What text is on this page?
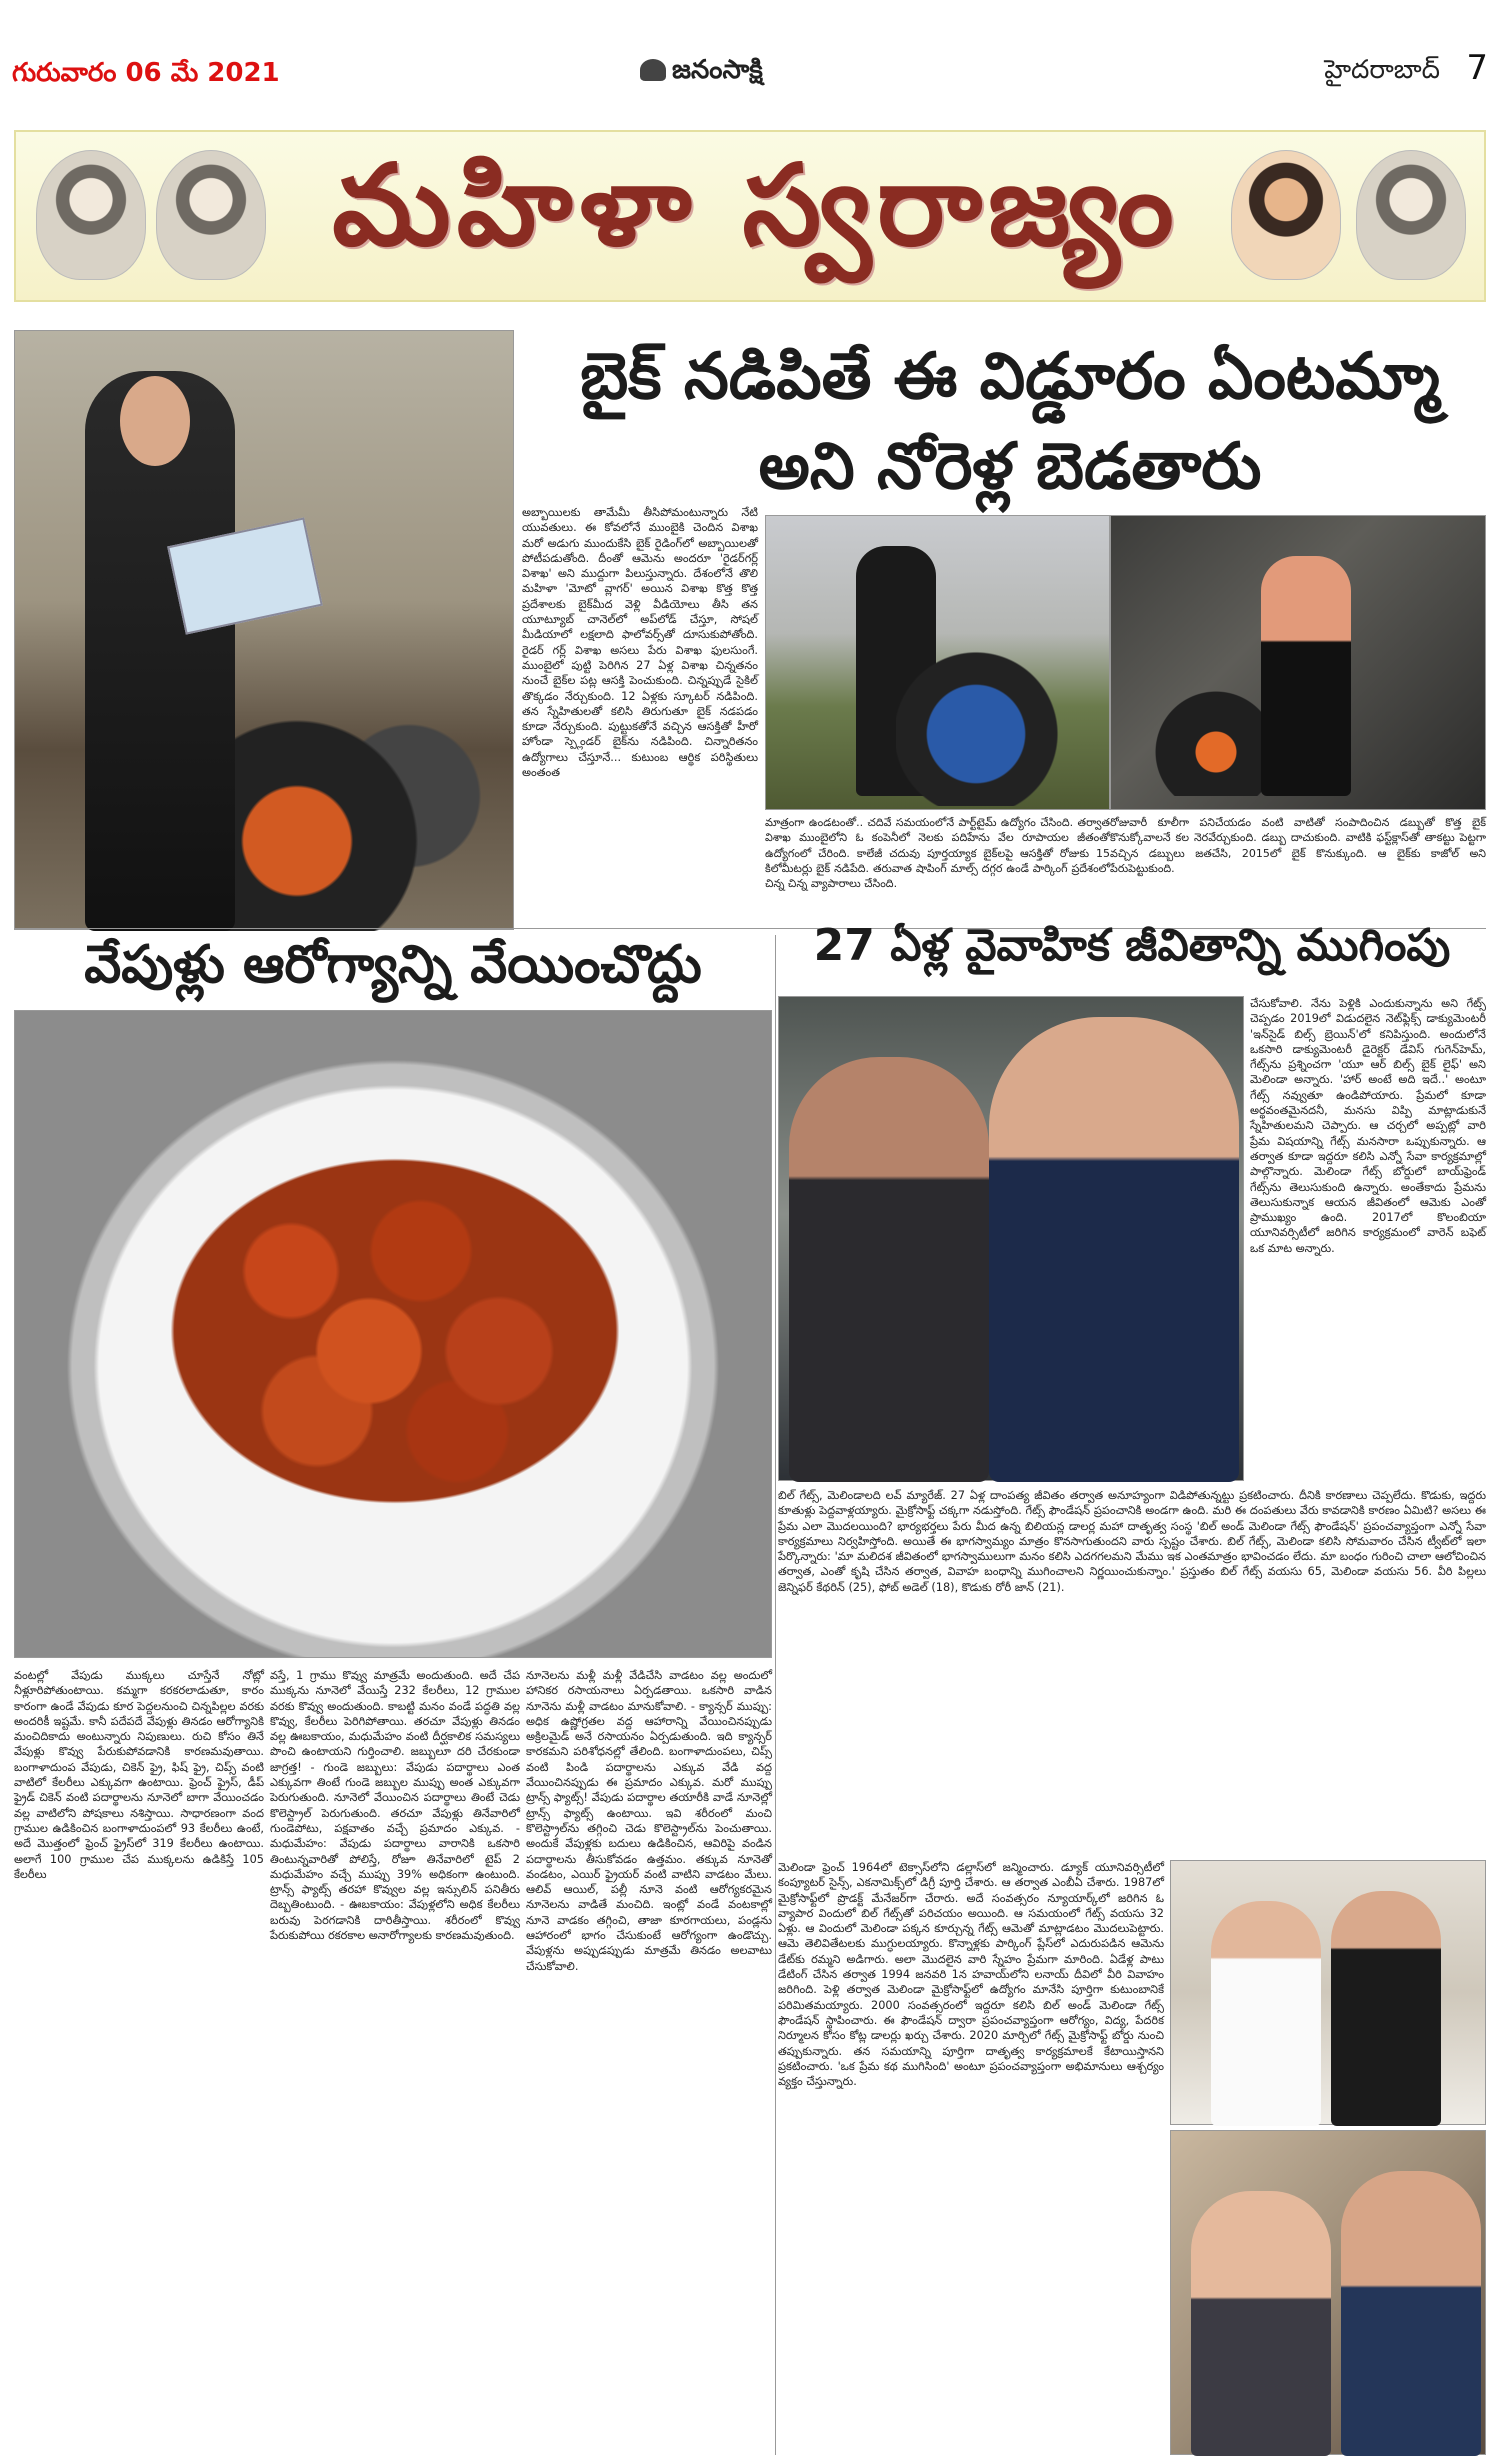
గురువారం 06 మే 2021	జనంసాక్షి	హైదరాబాద్ 7
మహిళా స్వరాజ్యం
బైక్ నడిపితే ఈ విడ్డూరం ఏంటమ్మా
అని నోరెళ్ల బెడతారు
అబ్బాయిలకు తామేమీ తీసిపోమంటున్నారు నేటి యువతులు. ఈ కోవలోనే ముంబైకి చెందిన విశాఖ మరో అడుగు ముందుకేసి బైక్ రైడింగ్‌లో అబ్బాయిలతో పోటీపడుతోంది. దీంతో ఆమెను అందరూ 'రైడర్‌గర్ల్ విశాఖ' అని ముద్దుగా పిలుస్తున్నారు. దేశంలోనే తొలి మహిళా 'మోటో వ్లాగర్' అయిన విశాఖ కొత్త కొత్త ప్రదేశాలకు బైక్‌మీద వెళ్లి వీడియోలు తీసి తన యూట్యూబ్ చానెల్‌లో అప్‌లోడ్ చేస్తూ, సోషల్ మీడియాలో లక్షలాది ఫాలోవర్స్‌తో దూసుకుపోతోంది. రైడర్ గర్ల్ విశాఖ అసలు పేరు విశాఖ ఫులసుంగే. ముంబైలో పుట్టి పెరిగిన 27 ఏళ్ల విశాఖ చిన్నతనం నుంచే బైక్‌ల పట్ల ఆసక్తి పెంచుకుంది. చిన్నప్పుడే సైకిల్ తొక్కడం నేర్చుకుంది. 12 ఏళ్లకు స్కూటర్ నడిపింది. తన స్నేహితులతో కలిసి తిరుగుతూ బైక్ నడపడం కూడా నేర్చుకుంది. పుట్టుకతోనే వచ్చిన ఆసక్తితో హీరో హోండా స్ప్లెండర్ బైక్‌ను నడిపింది. చిన్నారితనం ఉద్యోగాలు చేస్తూనే... కుటుంబ ఆర్థిక పరిస్థితులు అంతంత
మాత్రంగా ఉండటంతో.. చదివే సమయంలోనే పార్ట్‌టైమ్ ఉద్యోగం చేసింది. తర్వాత విశాఖ ముంబైలోని ఓ కంపెనీలో నెలకు పదిహేను వేల రూపాయల జీతంతో ఉద్యోగంలో చేరింది. కాలేజీ చదువు పూర్తయ్యాక బైక్‌లపై ఆసక్తితో రోజుకు 15 కిలోమీటర్లు బైక్ నడిపేది. తరువాత షాపింగ్ మాల్స్ దగ్గర ఉండే పార్కింగ్ ప్రదేశంలో చిన్న చిన్న వ్యాపారాలు చేసింది.
రోజువారీ కూలీగా పనిచేయడం వంటి వాటితో సంపాదించిన డబ్బుతో కొత్త బైక్ కొనుక్కోవాలనే కల నెరవేర్చుకుంది. డబ్బు దాచుకుంది. వాటికి ఫస్ట్‌క్లాస్‌తో తాకట్టు పెట్టగా వచ్చిన డబ్బులు జతచేసి, 2015లో బైక్ కొనుక్కుంది. ఆ బైక్‌కు కాజోల్ అని పేరుపెట్టుకుంది.
వేపుళ్లు ఆరోగ్యాన్ని వేయించొద్దు
వంటల్లో వేపుడు ముక్కలు చూస్తేనే నోట్లో నీళ్లూరిపోతుంటాయి. కమ్మగా కరకరలాడుతూ, కారం కారంగా ఉండే వేపుడు కూర పెద్దలనుంచి చిన్నపిల్లల వరకు అందరికీ ఇష్టమే. కానీ పదేపదే వేపుళ్లు తినడం ఆరోగ్యానికి మంచిదికాదు అంటున్నారు నిపుణులు. రుచి కోసం తినే వేపుళ్లు కొవ్వు పేరుకుపోవడానికి కారణమవుతాయి. బంగాళాదుంప వేపుడు, చికెన్ ఫ్రై, ఫిష్ ఫ్రై, చిప్స్ వంటి వాటిలో కేలరీలు ఎక్కువగా ఉంటాయి. ఫ్రెంచ్ ఫ్రైస్, డీప్ ఫ్రైడ్ చికెన్ వంటి పదార్థాలను నూనెలో బాగా వేయించడం వల్ల వాటిలోని పోషకాలు నశిస్తాయి. సాధారణంగా వంద గ్రాముల ఉడికించిన బంగాళాదుంపలో 93 కేలరీలు ఉంటే, అదే మొత్తంలో ఫ్రెంచ్ ఫ్రైస్‌లో 319 కేలరీలు ఉంటాయి. అలాగే 100 గ్రాముల చేప ముక్కలను ఉడికిస్తే 105 కేలరీలు
వస్తే, 1 గ్రాము కొవ్వు మాత్రమే అందుతుంది. అదే చేప ముక్కను నూనెలో వేయిస్తే 232 కేలరీలు, 12 గ్రాముల వరకు కొవ్వు అందుతుంది. కాబట్టి మనం వండే పద్ధతి వల్ల కొవ్వు, కేలరీలు పెరిగిపోతాయి. తరచూ వేపుళ్లు తినడం వల్ల ఊబకాయం, మధుమేహం వంటి దీర్ఘకాలిక సమస్యలు పొంచి ఉంటాయని గుర్తించాలి. జబ్బులూ దరి చేరకుండా జాగ్రత్త! - గుండె జబ్బులు: వేపుడు పదార్థాలు ఎంత ఎక్కువగా తింటే గుండె జబ్బుల ముప్పు అంత ఎక్కువగా పెరుగుతుంది. నూనెలో వేయించిన పదార్థాలు తింటే చెడు కొలెస్ట్రాల్ పెరుగుతుంది. తరచూ వేపుళ్లు తినేవారిలో గుండెపోటు, పక్షవాతం వచ్చే ప్రమాదం ఎక్కువ. - మధుమేహం: వేపుడు పదార్థాలు వారానికి ఒకసారి తింటున్నవారితో పోలిస్తే, రోజూ తినేవారిలో టైప్ 2 మధుమేహం వచ్చే ముప్పు 39% అధికంగా ఉంటుంది. ట్రాన్స్ ఫ్యాట్స్ తరహా కొవ్వుల వల్ల ఇన్సులిన్ పనితీరు దెబ్బతింటుంది. - ఊబకాయం: వేపుళ్లలోని అధిక కేలరీలు బరువు పెరగడానికి దారితీస్తాయి. శరీరంలో కొవ్వు పేరుకుపోయి రకరకాల అనారోగ్యాలకు కారణమవుతుంది.
నూనెలను మళ్లీ మళ్లీ వేడిచేసి వాడటం వల్ల అందులో హానికర రసాయనాలు ఏర్పడతాయి. ఒకసారి వాడిన నూనెను మళ్లీ వాడటం మానుకోవాలి. - క్యాన్సర్ ముప్పు: అధిక ఉష్ణోగ్రతల వద్ద ఆహారాన్ని వేయించినప్పుడు అక్రిలమైడ్ అనే రసాయనం ఏర్పడుతుంది. ఇది క్యాన్సర్ కారకమని పరిశోధనల్లో తేలింది. బంగాళాదుంపలు, చిప్స్ వంటి పిండి పదార్థాలను ఎక్కువ వేడి వద్ద వేయించినప్పుడు ఈ ప్రమాదం ఎక్కువ. మరో ముప్పు ట్రాన్స్ ఫ్యాట్స్! వేపుడు పదార్థాల తయారీకి వాడే నూనెల్లో ట్రాన్స్ ఫ్యాట్స్ ఉంటాయి. ఇవి శరీరంలో మంచి కొలెస్ట్రాల్‌ను తగ్గించి చెడు కొలెస్ట్రాల్‌ను పెంచుతాయి. అందుకే వేపుళ్లకు బదులు ఉడికించిన, ఆవిరిపై వండిన పదార్థాలను తీసుకోవడం ఉత్తమం. తక్కువ నూనెతో వండటం, ఎయిర్ ఫ్రైయర్ వంటి వాటిని వాడటం మేలు. ఆలివ్ ఆయిల్, పల్లీ నూనె వంటి ఆరోగ్యకరమైన నూనెలను వాడితే మంచిది. ఇంట్లో వండే వంటకాల్లో నూనె వాడకం తగ్గించి, తాజా కూరగాయలు, పండ్లను ఆహారంలో భాగం చేసుకుంటే ఆరోగ్యంగా ఉండొచ్చు. వేపుళ్లను అప్పుడప్పుడు మాత్రమే తినడం అలవాటు చేసుకోవాలి.
27 ఏళ్ల వైవాహిక జీవితాన్ని ముగింపు
చేసుకోవాలి. నేను పెళ్లికి ఎందుకున్నాను అని గేట్స్ చెప్పడం 2019లో విడుదలైన నెట్‌ఫ్లిక్స్ డాక్యుమెంటరీ 'ఇన్‌సైడ్ బిల్స్ బ్రెయిన్'లో కనిపిస్తుంది. అందులోనే ఒకసారి డాక్యుమెంటరీ డైరెక్టర్ డేవిస్ గుగెన్‌హెమ్, గేట్స్‌ను ప్రశ్నించగా 'యూ ఆర్ బిల్స్ బైక్ లైఫ్' అని మెలిండా అన్నారు. 'హార్ అంటే అది ఇదే..' అంటూ గేట్స్ నవ్వుతూ ఉండిపోయారు. ప్రేమలో కూడా అర్థవంతమైనదనీ, మనసు విప్పి మాట్లాడుకునే స్నేహితులమని చెప్పారు. ఆ చర్చలో అప్పట్లో వారి ప్రేమ విషయాన్ని గేట్స్ మనసారా ఒప్పుకున్నారు. ఆ తర్వాత కూడా ఇద్దరూ కలిసి ఎన్నో సేవా కార్యక్రమాల్లో పాల్గొన్నారు. మెలిండా గేట్స్ బోర్డులో బాయ్‌ఫ్రెండ్ గేట్స్‌ను తెలుసుకుంది ఉన్నారు. అంతేకాదు ప్రేమను తెలుసుకున్నాక ఆయన జీవితంలో ఆమెకు ఎంతో ప్రాముఖ్యం ఉంది. 2017లో కొలంబియా యూనివర్సిటీలో జరిగిన కార్యక్రమంలో వారెన్ బఫెట్ ఒక మాట అన్నారు.
బిల్ గేట్స్, మెలిండాలది లవ్ మ్యారేజ్. 27 ఏళ్ల దాంపత్య జీవితం తర్వాత అనూహ్యంగా విడిపోతున్నట్టు ప్రకటించారు. దీనికి కారణాలు చెప్పలేదు. కొడుకు, ఇద్దరు కూతుళ్లు పెద్దవాళ్లయ్యారు. మైక్రోసాఫ్ట్ చక్కగా నడుస్తోంది. గేట్స్ ఫౌండేషన్ ప్రపంచానికి అండగా ఉంది. మరి ఈ దంపతులు వేరు కావడానికి కారణం ఏమిటి? అసలు ఈ ప్రేమ ఎలా మొదలయింది? భార్యభర్తలు పేరు మీద ఉన్న బిలియన్ల డాలర్ల మహా దాతృత్వ సంస్థ 'బిల్ అండ్ మెలిండా గేట్స్ ఫౌండేషన్' ప్రపంచవ్యాప్తంగా ఎన్నో సేవా కార్యక్రమాలు నిర్వహిస్తోంది. అయితే ఈ భాగస్వామ్యం మాత్రం కొనసాగుతుందని వారు స్పష్టం చేశారు. బిల్ గేట్స్, మెలిండా కలిసి సోమవారం చేసిన ట్వీట్‌లో ఇలా పేర్కొన్నారు: 'మా మలిదశ జీవితంలో భాగస్వాములుగా మనం కలిసి ఎదగగలమని మేము ఇక ఎంతమాత్రం భావించడం లేదు. మా బంధం గురించి చాలా ఆలోచించిన తర్వాత, ఎంతో కృషి చేసిన తర్వాత, వివాహ బంధాన్ని ముగించాలని నిర్ణయించుకున్నాం.' ప్రస్తుతం బిల్ గేట్స్ వయసు 65, మెలిండా వయసు 56. వీరి పిల్లలు జెన్నిఫర్ కేథరిన్ (25), ఫోబ్ అడెల్ (18), కొడుకు రోరీ జాన్ (21).
మెలిండా ఫ్రెంచ్ 1964లో టెక్సాస్‌లోని డల్లాస్‌లో జన్మించారు. డ్యూక్ యూనివర్సిటీలో కంప్యూటర్ సైన్స్, ఎకనామిక్స్‌లో డిగ్రీ పూర్తి చేశారు. ఆ తర్వాత ఎంబీఏ చేశారు. 1987లో మైక్రోసాఫ్ట్‌లో ప్రొడక్ట్ మేనేజర్‌గా చేరారు. అదే సంవత్సరం న్యూయార్క్‌లో జరిగిన ఓ వ్యాపార విందులో బిల్ గేట్స్‌తో పరిచయం అయింది. ఆ సమయంలో గేట్స్ వయసు 32 ఏళ్లు. ఆ విందులో మెలిండా పక్కన కూర్చున్న గేట్స్ ఆమెతో మాట్లాడటం మొదలుపెట్టారు. ఆమె తెలివితేటలకు ముగ్ధులయ్యారు. కొన్నాళ్లకు పార్కింగ్ ప్లేస్‌లో ఎదురుపడిన ఆమెను డేట్‌కు రమ్మని అడిగారు. అలా మొదలైన వారి స్నేహం ప్రేమగా మారింది. ఏడేళ్ల పాటు డేటింగ్ చేసిన తర్వాత 1994 జనవరి 1న హవాయ్‌లోని లనాయ్ దీవిలో వీరి వివాహం జరిగింది. పెళ్లి తర్వాత మెలిండా మైక్రోసాఫ్ట్‌లో ఉద్యోగం మానేసి పూర్తిగా కుటుంబానికే పరిమితమయ్యారు. 2000 సంవత్సరంలో ఇద్దరూ కలిసి బిల్ అండ్ మెలిండా గేట్స్ ఫౌండేషన్ స్థాపించారు. ఈ ఫౌండేషన్ ద్వారా ప్రపంచవ్యాప్తంగా ఆరోగ్యం, విద్య, పేదరిక నిర్మూలన కోసం కోట్ల డాలర్లు ఖర్చు చేశారు. 2020 మార్చిలో గేట్స్ మైక్రోసాఫ్ట్ బోర్డు నుంచి తప్పుకున్నారు. తన సమయాన్ని పూర్తిగా దాతృత్వ కార్యక్రమాలకే కేటాయిస్తానని ప్రకటించారు. 'ఒక ప్రేమ కథ ముగిసింది' అంటూ ప్రపంచవ్యాప్తంగా అభిమానులు ఆశ్చర్యం వ్యక్తం చేస్తున్నారు.
